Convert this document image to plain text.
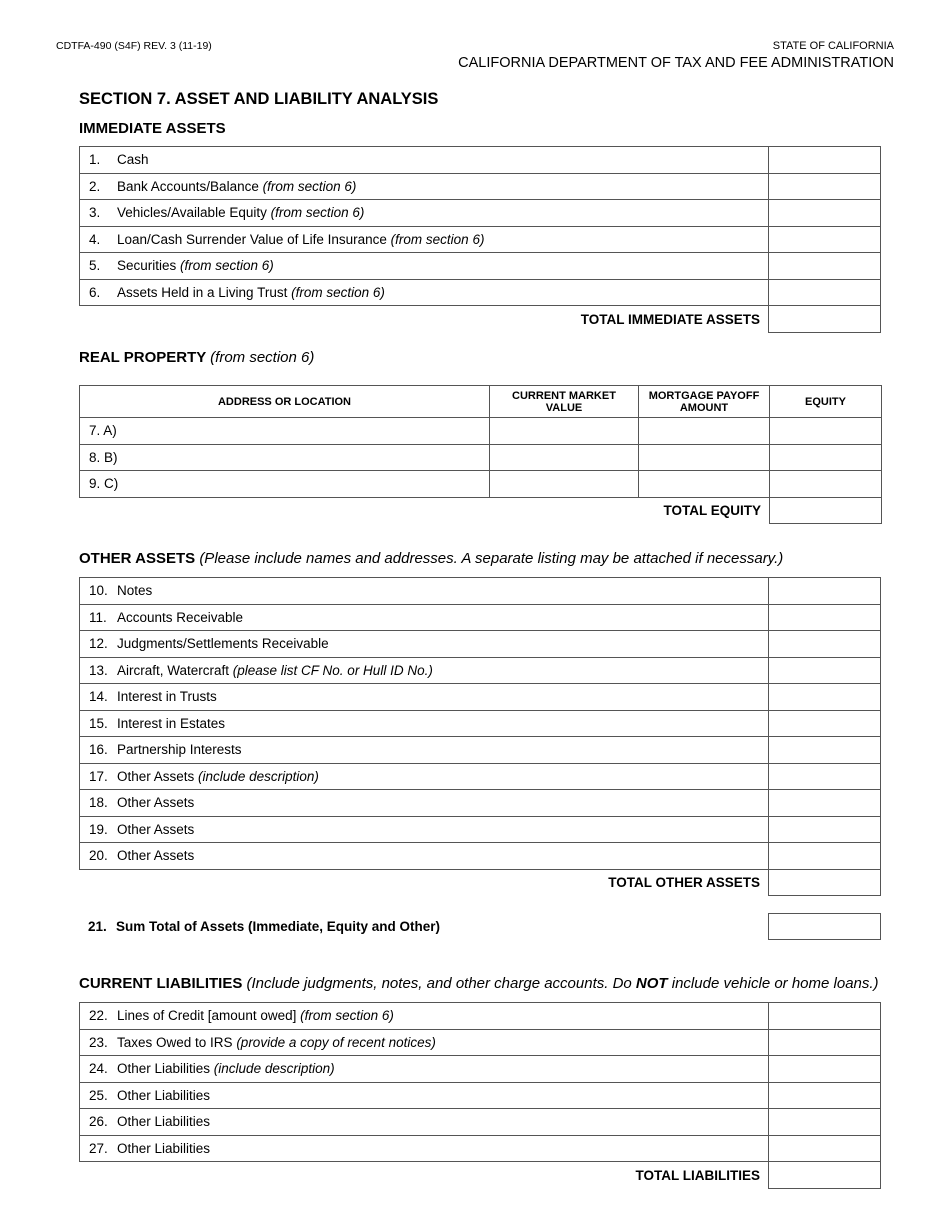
CDTFA-490 (S4F) REV. 3 (11-19)	STATE OF CALIFORNIA
CALIFORNIA DEPARTMENT OF TAX AND FEE ADMINISTRATION
SECTION 7. ASSET AND LIABILITY ANALYSIS
IMMEDIATE ASSETS
1. Cash	
2. Bank Accounts/Balance (from section 6)	
3. Vehicles/Available Equity (from section 6)	
4. Loan/Cash Surrender Value of Life Insurance (from section 6)	
5. Securities (from section 6)	
6. Assets Held in a Living Trust (from section 6)	
TOTAL IMMEDIATE ASSETS	
REAL PROPERTY (from section 6)
ADDRESS OR LOCATION	CURRENT MARKET VALUE	MORTGAGE PAYOFF AMOUNT	EQUITY
7. A)			
8. B)			
9. C)			
TOTAL EQUITY			
OTHER ASSETS (Please include names and addresses. A separate listing may be attached if necessary.)
10. Notes	
11. Accounts Receivable	
12. Judgments/Settlements Receivable	
13. Aircraft, Watercraft (please list CF No. or Hull ID No.)	
14. Interest in Trusts	
15. Interest in Estates	
16. Partnership Interests	
17. Other Assets (include description)	
18. Other Assets	
19. Other Assets	
20. Other Assets	
TOTAL OTHER ASSETS	
21. Sum Total of Assets (Immediate, Equity and Other)
CURRENT LIABILITIES (Include judgments, notes, and other charge accounts. Do NOT include vehicle or home loans.)
22. Lines of Credit [amount owed] (from section 6)	
23. Taxes Owed to IRS (provide a copy of recent notices)	
24. Other Liabilities (include description)	
25. Other Liabilities	
26. Other Liabilities	
27. Other Liabilities	
TOTAL LIABILITIES	
